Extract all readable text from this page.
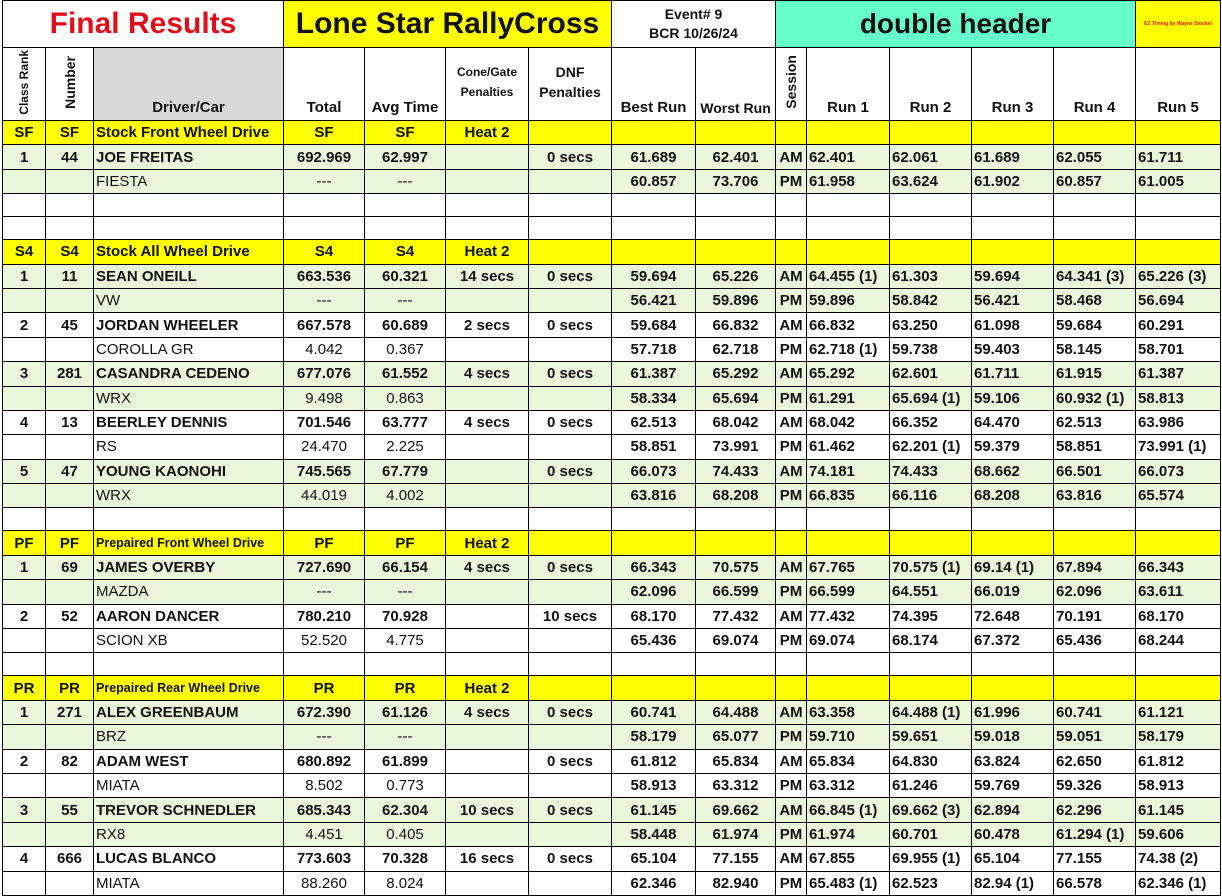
Final Results			Lone Star RallyCross				Event# 9
BCR 10/26/24		double header					EZ Timing by Wayne Stockel
Class Rank	Number	Driver/Car	Total	Avg Time	Cone/Gate Penalties	DNF Penalties	Best Run	Worst Run	Session	Run 1	Run 2	Run 3	Run 4	Run 5
SF	SF	Stock Front Wheel Drive	SF	SF	Heat 2									
1	44	JOE FREITAS	692.969	62.997		0 secs	61.689	62.401	AM	62.401	62.061	61.689	62.055	61.711
		FIESTA	---	---			60.857	73.706	PM	61.958	63.624	61.902	60.857	61.005

S4	S4	Stock All Wheel Drive	S4	S4	Heat 2									
1	11	SEAN ONEILL	663.536	60.321	14 secs	0 secs	59.694	65.226	AM	64.455 (1)	61.303	59.694	64.341 (3)	65.226 (3)
		VW	---	---			56.421	59.896	PM	59.896	58.842	56.421	58.468	56.694
2	45	JORDAN WHEELER	667.578	60.689	2 secs	0 secs	59.684	66.832	AM	66.832	63.250	61.098	59.684	60.291
		COROLLA GR	4.042	0.367			57.718	62.718	PM	62.718 (1)	59.738	59.403	58.145	58.701
3	281	CASANDRA CEDENO	677.076	61.552	4 secs	0 secs	61.387	65.292	AM	65.292	62.601	61.711	61.915	61.387
		WRX	9.498	0.863			58.334	65.694	PM	61.291	65.694 (1)	59.106	60.932 (1)	58.813
4	13	BEERLEY DENNIS	701.546	63.777	4 secs	0 secs	62.513	68.042	AM	68.042	66.352	64.470	62.513	63.986
		RS	24.470	2.225			58.851	73.991	PM	61.462	62.201 (1)	59.379	58.851	73.991 (1)
5	47	YOUNG KAONOHI	745.565	67.779		0 secs	66.073	74.433	AM	74.181	74.433	68.662	66.501	66.073
		WRX	44.019	4.002			63.816	68.208	PM	66.835	66.116	68.208	63.816	65.574

PF	PF	Prepaired Front Wheel Drive	PF	PF	Heat 2									
1	69	JAMES OVERBY	727.690	66.154	4 secs	0 secs	66.343	70.575	AM	67.765	70.575 (1)	69.14 (1)	67.894	66.343
		MAZDA	---	---			62.096	66.599	PM	66.599	64.551	66.019	62.096	63.611
2	52	AARON DANCER	780.210	70.928		10 secs	68.170	77.432	AM	77.432	74.395	72.648	70.191	68.170
		SCION XB	52.520	4.775			65.436	69.074	PM	69.074	68.174	67.372	65.436	68.244

PR	PR	Prepaired Rear Wheel Drive	PR	PR	Heat 2									
1	271	ALEX GREENBAUM	672.390	61.126	4 secs	0 secs	60.741	64.488	AM	63.358	64.488 (1)	61.996	60.741	61.121
		BRZ	---	---			58.179	65.077	PM	59.710	59.651	59.018	59.051	58.179
2	82	ADAM WEST	680.892	61.899		0 secs	61.812	65.834	AM	65.834	64.830	63.824	62.650	61.812
		MIATA	8.502	0.773			58.913	63.312	PM	63.312	61.246	59.769	59.326	58.913
3	55	TREVOR SCHNEDLER	685.343	62.304	10 secs	0 secs	61.145	69.662	AM	66.845 (1)	69.662 (3)	62.894	62.296	61.145
		RX8	4.451	0.405			58.448	61.974	PM	61.974	60.701	60.478	61.294 (1)	59.606
4	666	LUCAS BLANCO	773.603	70.328	16 secs	0 secs	65.104	77.155	AM	67.855	69.955 (1)	65.104	77.155	74.38 (2)
		MIATA	88.260	8.024			62.346	82.940	PM	65.483 (1)	62.523	82.94 (1)	66.578	62.346 (1)
